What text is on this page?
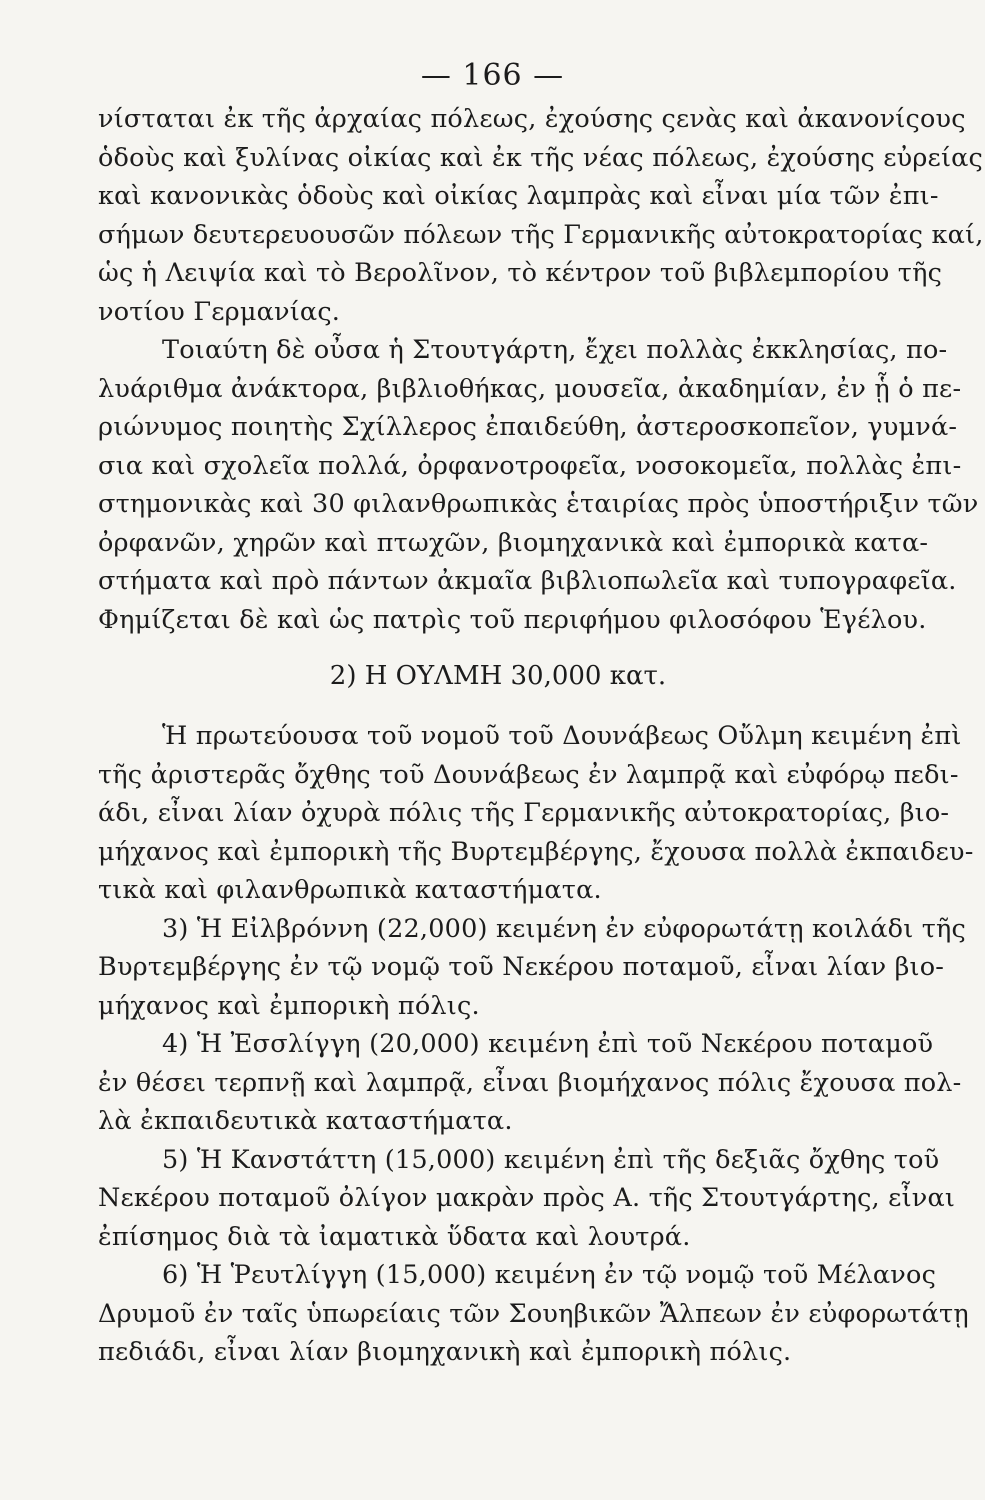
— 166 —
νίσταται ἐκ τῆς ἀρχαίας πόλεως, ἐχούσης ςενὰς καὶ ἀκανονίςους
ὁδοὺς καὶ ξυλίνας οἰκίας καὶ ἐκ τῆς νέας πόλεως, ἐχούσης εὐρείας
καὶ κανονικὰς ὁδοὺς καὶ οἰκίας λαμπρὰς καὶ εἶναι μία τῶν ἐπι-
σήμων δευτερευουσῶν πόλεων τῆς Γερμανικῆς αὐτοκρατορίας καί,
ὡς ἡ Λειψία καὶ τὸ Βερολῖνον, τὸ κέντρον τοῦ βιβλεμπορίου τῆς
νοτίου Γερμανίας.
Τοιαύτη δὲ οὖσα ἡ Στουτγάρτη, ἔχει πολλὰς ἐκκλησίας, πο-
λυάριθμα ἀνάκτορα, βιβλιοθήκας, μουσεῖα, ἀκαδημίαν, ἐν ᾗ ὁ πε-
ριώνυμος ποιητὴς Σχίλλερος ἐπαιδεύθη, ἀστεροσκοπεῖον, γυμνά-
σια καὶ σχολεῖα πολλά, ὀρφανοτροφεῖα, νοσοκομεῖα, πολλὰς ἐπι-
στημονικὰς καὶ 30 φιλανθρωπικὰς ἑταιρίας πρὸς ὑποστήριξιν τῶν
ὀρφανῶν, χηρῶν καὶ πτωχῶν, βιομηχανικὰ καὶ ἐμπορικὰ κατα-
στήματα καὶ πρὸ πάντων ἀκμαῖα βιβλιοπωλεῖα καὶ τυπογραφεῖα.
Φημίζεται δὲ καὶ ὡς πατρὶς τοῦ περιφήμου φιλοσόφου Ἑγέλου.
2) Η ΟΥΛΜΗ 30,000 κατ.
Ἡ πρωτεύουσα τοῦ νομοῦ τοῦ Δουνάβεως Οὔλμη κειμένη ἐπὶ
τῆς ἀριστερᾶς ὄχθης τοῦ Δουνάβεως ἐν λαμπρᾷ καὶ εὐφόρῳ πεδι-
άδι, εἶναι λίαν ὀχυρὰ πόλις τῆς Γερμανικῆς αὐτοκρατορίας, βιο-
μήχανος καὶ ἐμπορικὴ τῆς Βυρτεμβέργης, ἔχουσα πολλὰ ἐκπαιδευ-
τικὰ καὶ φιλανθρωπικὰ καταστήματα.
3) Ἡ Εἰλβρόννη (22,000) κειμένη ἐν εὐφορωτάτῃ κοιλάδι τῆς
Βυρτεμβέργης ἐν τῷ νομῷ τοῦ Νεκέρου ποταμοῦ, εἶναι λίαν βιο-
μήχανος καὶ ἐμπορικὴ πόλις.
4) Ἡ Ἐσσλίγγη (20,000) κειμένη ἐπὶ τοῦ Νεκέρου ποταμοῦ
ἐν θέσει τερπνῇ καὶ λαμπρᾷ, εἶναι βιομήχανος πόλις ἔχουσα πολ-
λὰ ἐκπαιδευτικὰ καταστήματα.
5) Ἡ Κανστάττη (15,000) κειμένη ἐπὶ τῆς δεξιᾶς ὄχθης τοῦ
Νεκέρου ποταμοῦ ὀλίγον μακρὰν πρὸς Α. τῆς Στουτγάρτης, εἶναι
ἐπίσημος διὰ τὰ ἰαματικὰ ὕδατα καὶ λουτρά.
6) Ἡ Ῥευτλίγγη (15,000) κειμένη ἐν τῷ νομῷ τοῦ Μέλανος
Δρυμοῦ ἐν ταῖς ὑπωρείαις τῶν Σουηβικῶν Ἄλπεων ἐν εὐφορωτάτῃ
πεδιάδι, εἶναι λίαν βιομηχανικὴ καὶ ἐμπορικὴ πόλις.
